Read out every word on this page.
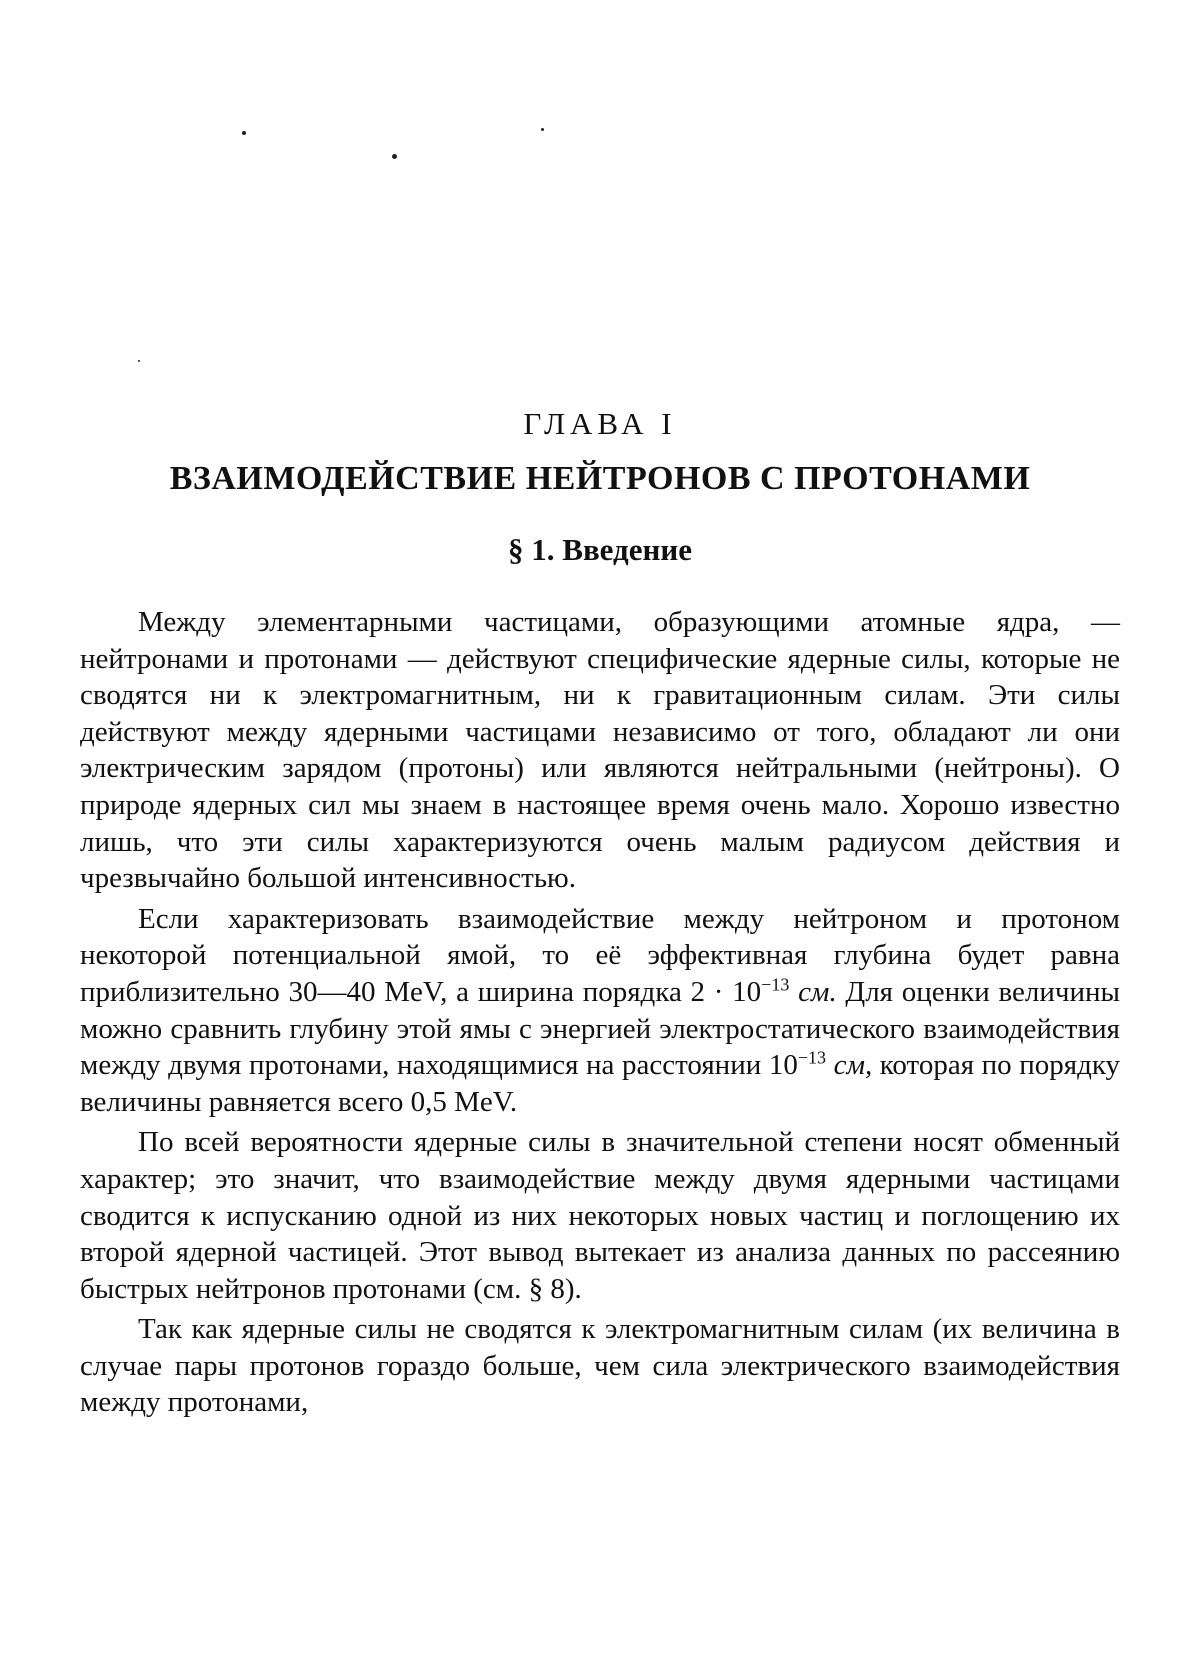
ГЛАВА I
ВЗАИМОДЕЙСТВИЕ НЕЙТРОНОВ С ПРОТОНАМИ
§ 1. Введение

Между элементарными частицами, образующими атомные ядра, — нейтронами и протонами — действуют специфические ядерные силы, которые не сводятся ни к электромагнитным, ни к гравитационным силам. Эти силы действуют между ядерными частицами независимо от того, обладают ли они электрическим зарядом (протоны) или являются нейтральными (нейтроны). О природе ядерных сил мы знаем в настоящее время очень мало. Хорошо известно лишь, что эти силы характеризуются очень малым радиусом действия и чрезвычайно большой интенсивностью.

Если характеризовать взаимодействие между нейтроном и протоном некоторой потенциальной ямой, то её эффективная глубина будет равна приблизительно 30—40 MeV, а ширина порядка $2 \cdot 10^{-13}$ см. Для оценки величины можно сравнить глубину этой ямы с энергией электростатического взаимодействия между двумя протонами, находящимися на расстоянии $10^{-13}$ см, которая по порядку величины равняется всего 0,5 MeV.

По всей вероятности ядерные силы в значительной степени носят обменный характер; это значит, что взаимодействие между двумя ядерными частицами сводится к испусканию одной из них некоторых новых частиц и поглощению их второй ядерной частицей. Этот вывод вытекает из анализа данных по рассеянию быстрых нейтронов протонами (см. § 8).

Так как ядерные силы не сводятся к электромагнитным силам (их величина в случае пары протонов гораздо больше, чем сила электрического взаимодействия между протонами,
